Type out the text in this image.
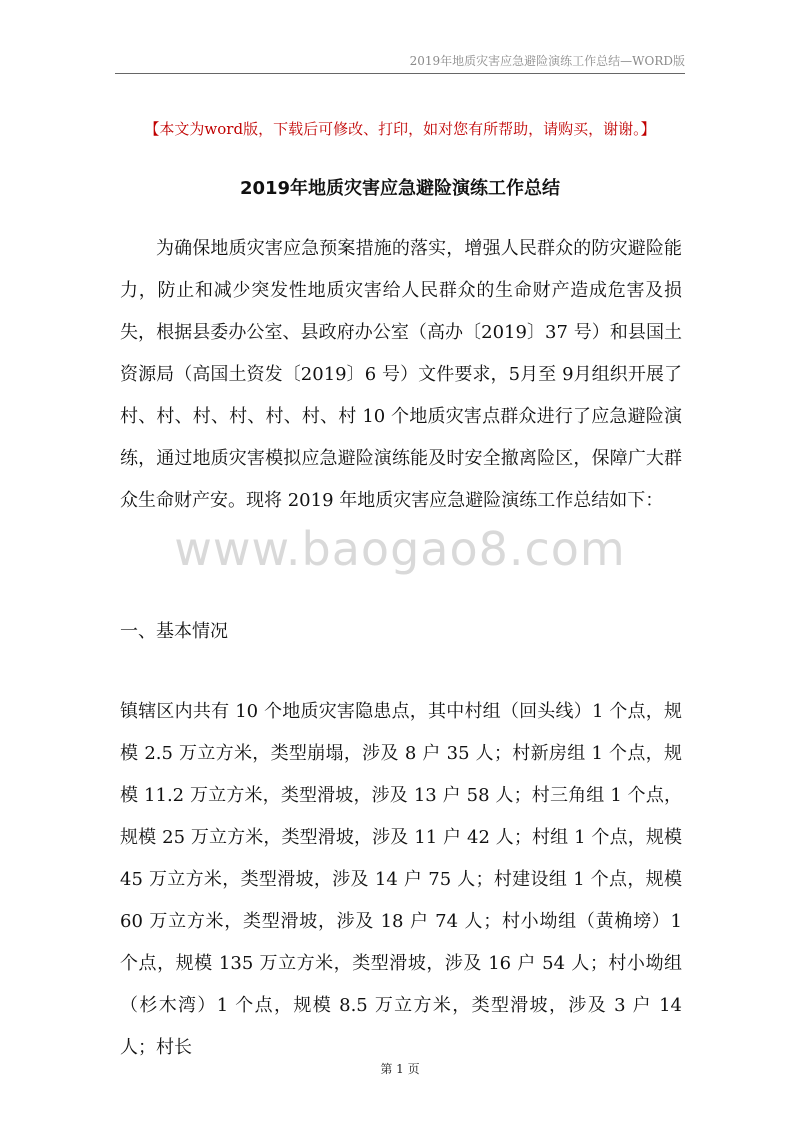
2019年地质灾害应急避险演练工作总结—WORD版
【本文为word版，下载后可修改、打印，如对您有所帮助，请购买，谢谢。】
2019年地质灾害应急避险演练工作总结

为确保地质灾害应急预案措施的落实，增强人民群众的防灾避险能力，防止和减少突发性地质灾害给人民群众的生命财产造成危害及损失，根据县委办公室、县政府办公室（高办〔2019〕37 号）和县国土资源局（高国土资发〔2019〕6 号）文件要求，5月至 9月组织开展了村、村、村、村、村、村、村 10 个地质灾害点群众进行了应急避险演练，通过地质灾害模拟应急避险演练能及时安全撤离险区，保障广大群众生命财产安。现将 2019 年地质灾害应急避险演练工作总结如下：

www.baogao8.com

一、基本情况

镇辖区内共有 10 个地质灾害隐患点，其中村组（回头线）1 个点，规模 2.5 万立方米，类型崩塌，涉及 8 户 35 人；村新房组 1 个点，规模 11.2 万立方米，类型滑坡，涉及 13 户 58 人；村三角组 1 个点，规模 25 万立方米，类型滑坡，涉及 11 户 42 人；村组 1 个点，规模 45 万立方米，类型滑坡，涉及 14 户 75 人；村建设组 1 个点，规模 60 万立方米，类型滑坡，涉及 18 户 74 人；村小坳组（黄桷塝）1 个点，规模 135 万立方米，类型滑坡，涉及 16 户 54 人；村小坳组（杉木湾）1 个点，规模 8.5 万立方米，类型滑坡，涉及 3 户 14 人；村长

第 1 页
